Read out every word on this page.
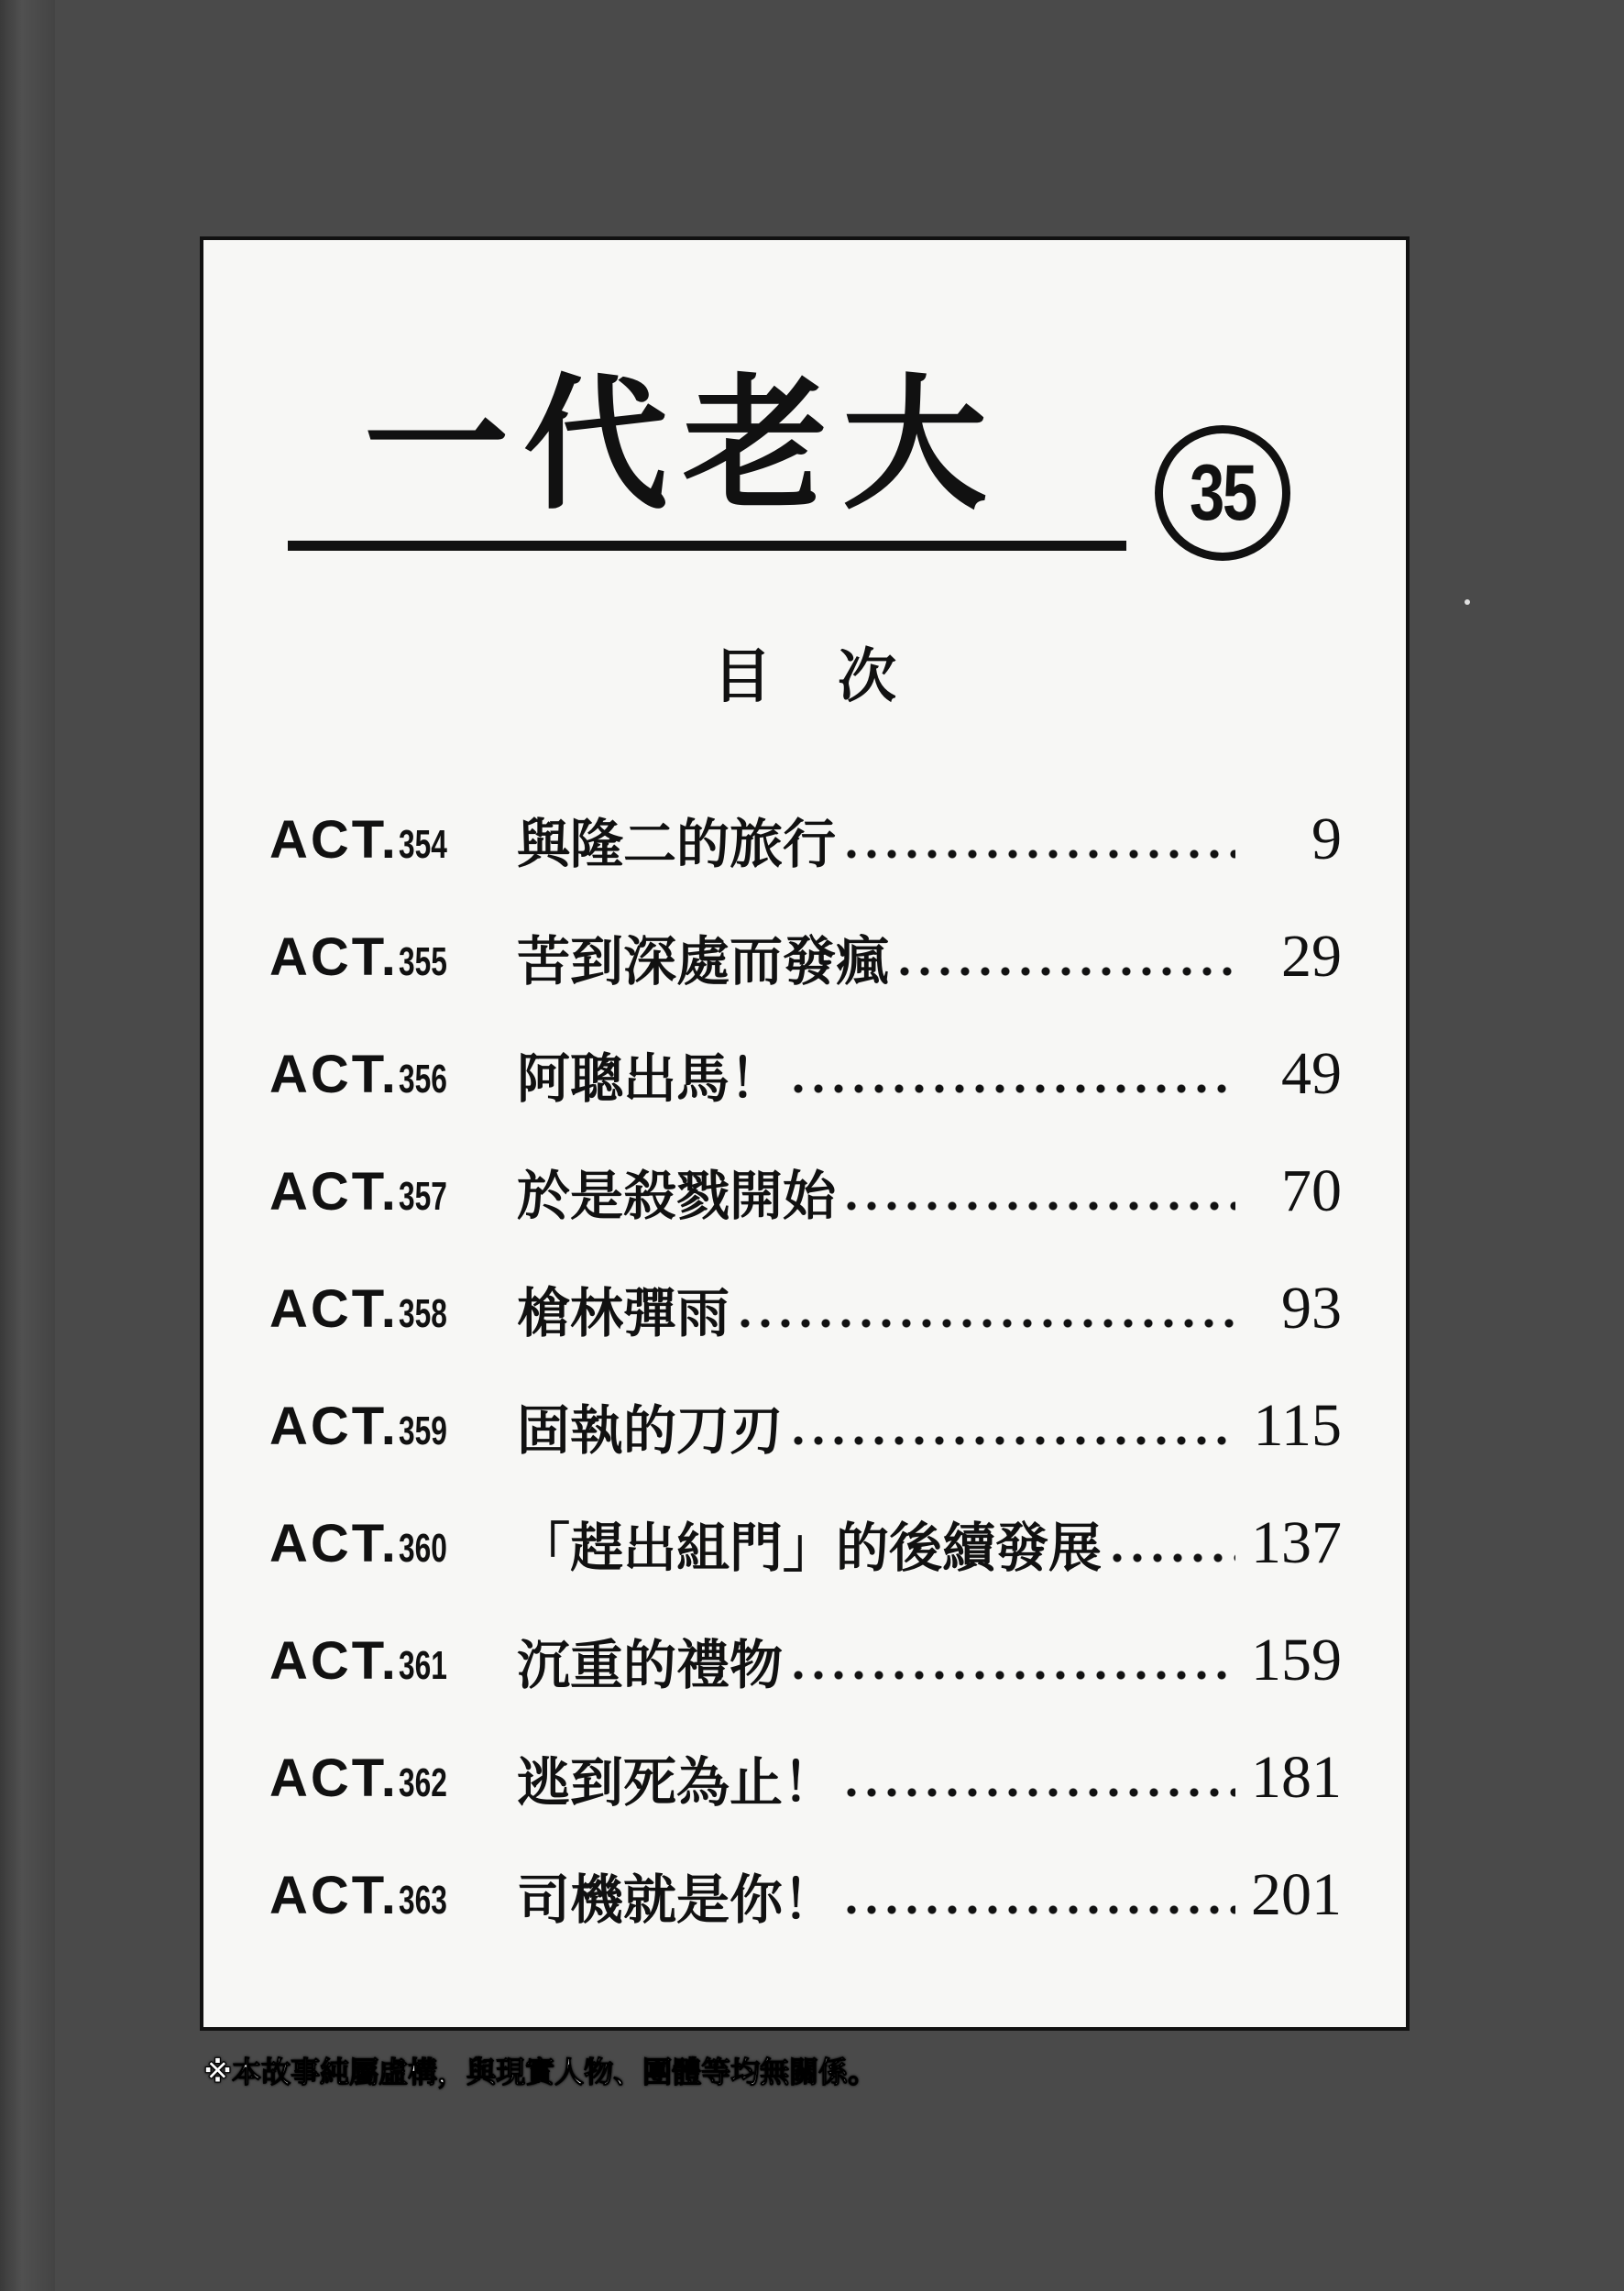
一代老大 35
目次
ACT.354	與隆二的旅行	9
ACT.355	苦到深處而發瘋	29
ACT.356	阿聰出馬！	49
ACT.357	於是殺戮開始	70
ACT.358	槍林彈雨	93
ACT.359	固執的刀刃	115
ACT.360	「趕出組門」的後續發展 137
ACT.361	沉重的禮物	159
ACT.362	逃到死為止！	181
ACT.363	司機就是你！	201
※本故事純屬虛構，與現實人物、團體等均無關係。
